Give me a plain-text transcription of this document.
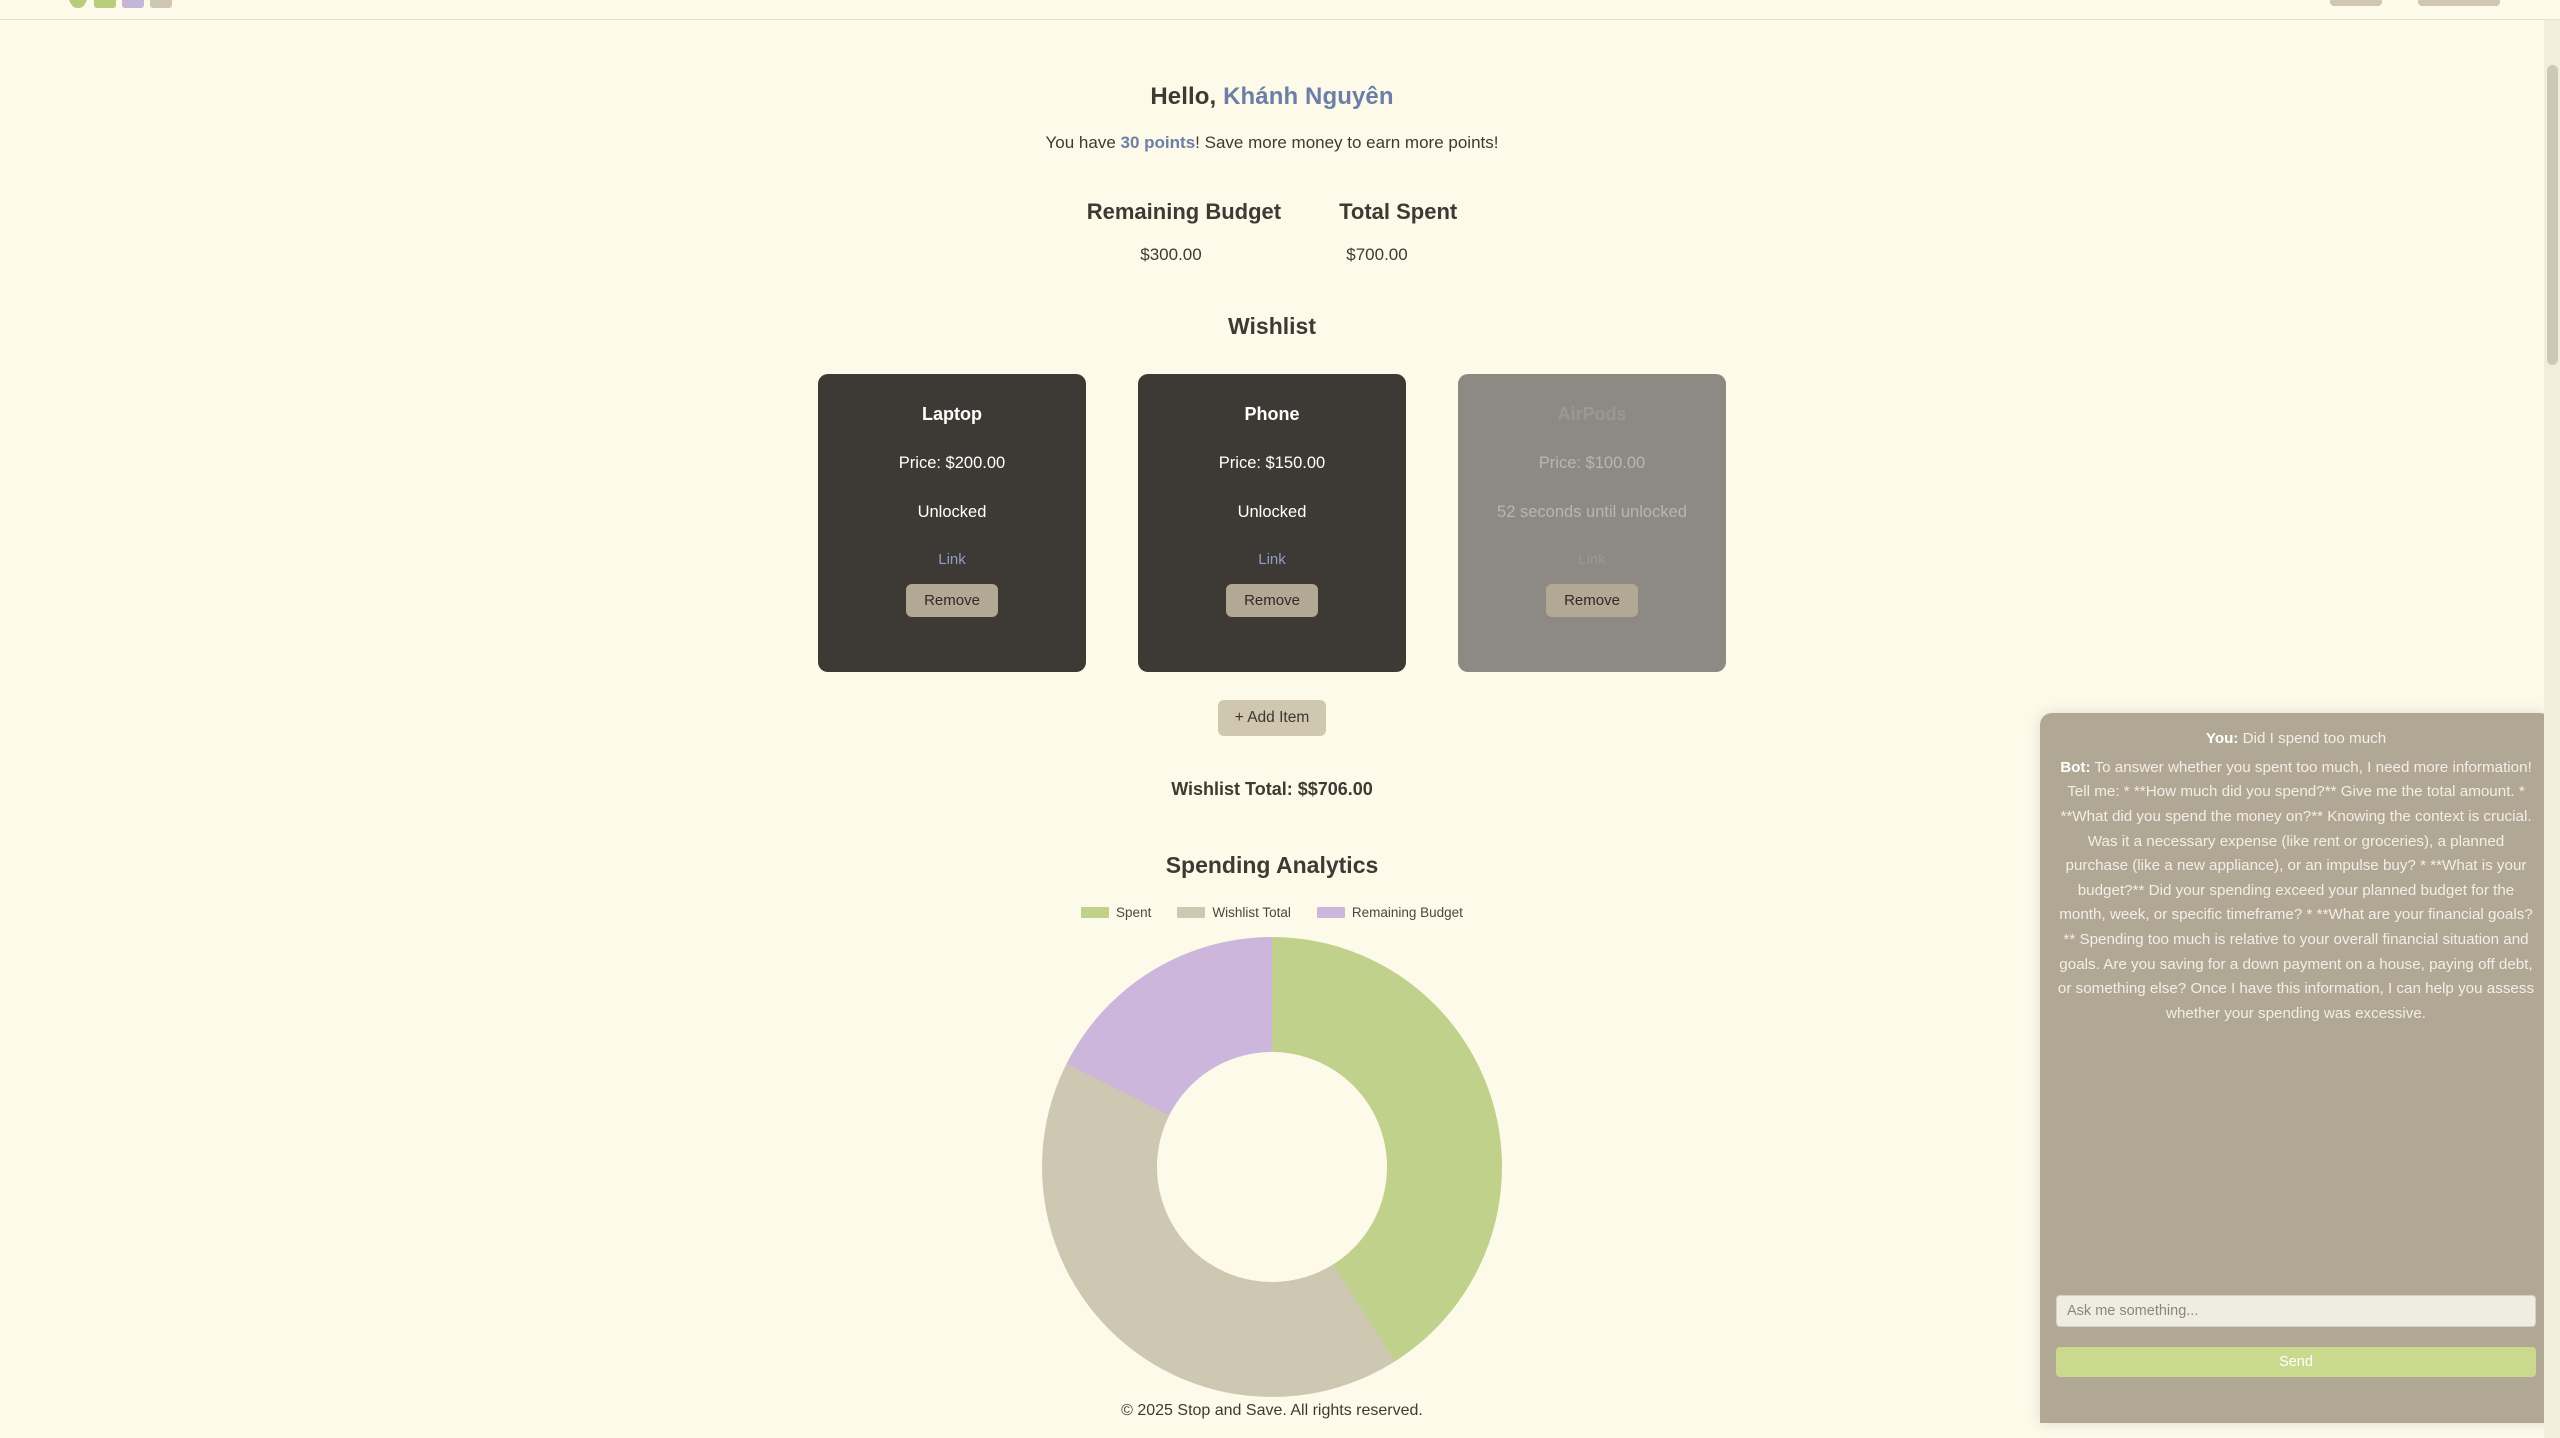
Hello, Khánh Nguyên
You have 30 points! Save more money to earn more points!
Remaining Budget	Total Spent
$300.00	$700.00
Wishlist
Laptop
Price: $200.00
Unlocked
Link
Remove
Phone
Price: $150.00
Unlocked
Link
Remove
AirPods
Price: $100.00
52 seconds until unlocked
Link
Remove
+ Add Item
Wishlist Total: $$706.00
Spending Analytics
Spent	Wishlist Total	Remaining Budget
© 2025 Stop and Save. All rights reserved.
You: Did I spend too much
Bot: To answer whether you spent too much, I need more information! Tell me: * **How much did you spend?** Give me the total amount. * **What did you spend the money on?** Knowing the context is crucial. Was it a necessary expense (like rent or groceries), a planned purchase (like a new appliance), or an impulse buy? * **What is your budget?** Did your spending exceed your planned budget for the month, week, or specific timeframe? * **What are your financial goals?** Spending too much is relative to your overall financial situation and goals. Are you saving for a down payment on a house, paying off debt, or something else? Once I have this information, I can help you assess whether your spending was excessive.
Ask me something...
Send
